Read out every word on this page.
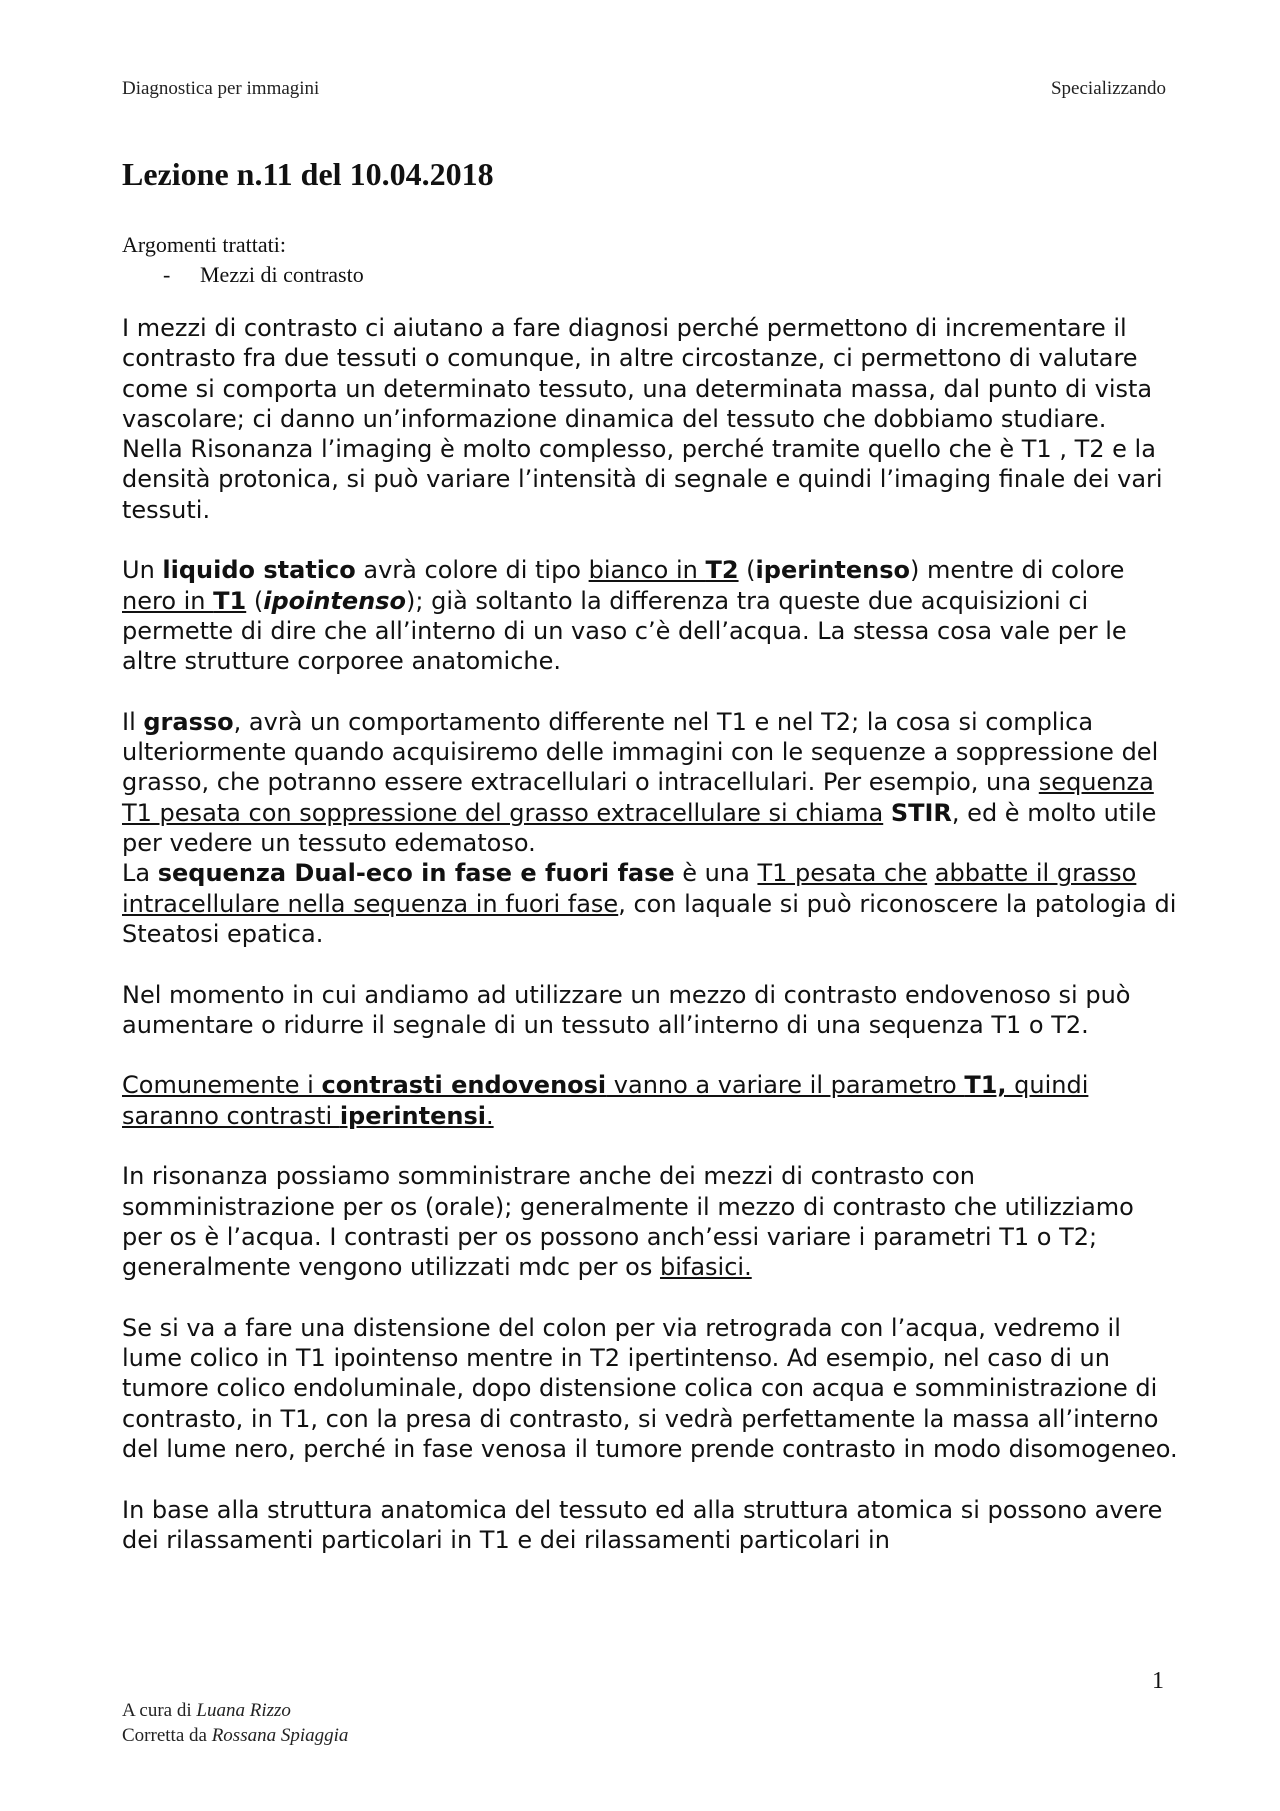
Diagnostica per immagini	Specializzando
Lezione n.11 del 10.04.2018
Argomenti trattati:
- Mezzi di contrasto

I mezzi di contrasto ci aiutano a fare diagnosi perché permettono di incrementare il contrasto fra due tessuti o comunque, in altre circostanze, ci permettono di valutare come si comporta un determinato tessuto, una determinata massa, dal punto di vista vascolare; ci danno un’informazione dinamica del tessuto che dobbiamo studiare.

Nella Risonanza l’imaging è molto complesso, perché tramite quello che è T1 , T2 e la densità protonica, si può variare l’intensità di segnale e quindi l’imaging finale dei vari tessuti.

Un liquido statico avrà colore di tipo bianco in T2 (iperintenso) mentre di colore nero in T1 (ipointenso); già soltanto la differenza tra queste due acquisizioni ci permette di dire che all’interno di un vaso c’è dell’acqua. La stessa cosa vale per le altre strutture corporee anatomiche.

Il grasso, avrà un comportamento differente nel T1 e nel T2; la cosa si complica ulteriormente quando acquisiremo delle immagini con le sequenze a soppressione del grasso, che potranno essere extracellulari o intracellulari. Per esempio, una sequenza T1 pesata con soppressione del grasso extracellulare si chiama STIR, ed è molto utile per vedere un tessuto edematoso.

La sequenza Dual-eco in fase e fuori fase è una T1 pesata che abbatte il grasso intracellulare nella sequenza in fuori fase, con laquale si può riconoscere la patologia di Steatosi epatica.

Nel momento in cui andiamo ad utilizzare un mezzo di contrasto endovenoso si può aumentare o ridurre il segnale di un tessuto all’interno di una sequenza T1 o T2.

Comunemente i contrasti endovenosi vanno a variare il parametro T1, quindi saranno contrasti iperintensi.

In risonanza possiamo somministrare anche dei mezzi di contrasto con somministrazione per os (orale); generalmente il mezzo di contrasto che utilizziamo per os è l’acqua. I contrasti per os possono anch’essi variare i parametri T1 o T2; generalmente vengono utilizzati mdc per os bifasici.

Se si va a fare una distensione del colon per via retrograda con l’acqua, vedremo il lume colico in T1 ipointenso mentre in T2 ipertintenso. Ad esempio, nel caso di un tumore colico endoluminale, dopo distensione colica con acqua e somministrazione di contrasto, in T1, con la presa di contrasto, si vedrà perfettamente la massa all’interno del lume nero, perché in fase venosa il tumore prende contrasto in modo disomogeneo.

In base alla struttura anatomica del tessuto ed alla struttura atomica si possono avere dei rilassamenti particolari in T1 e dei rilassamenti particolari in

1
A cura di Luana Rizzo
Corretta da Rossana Spiaggia
